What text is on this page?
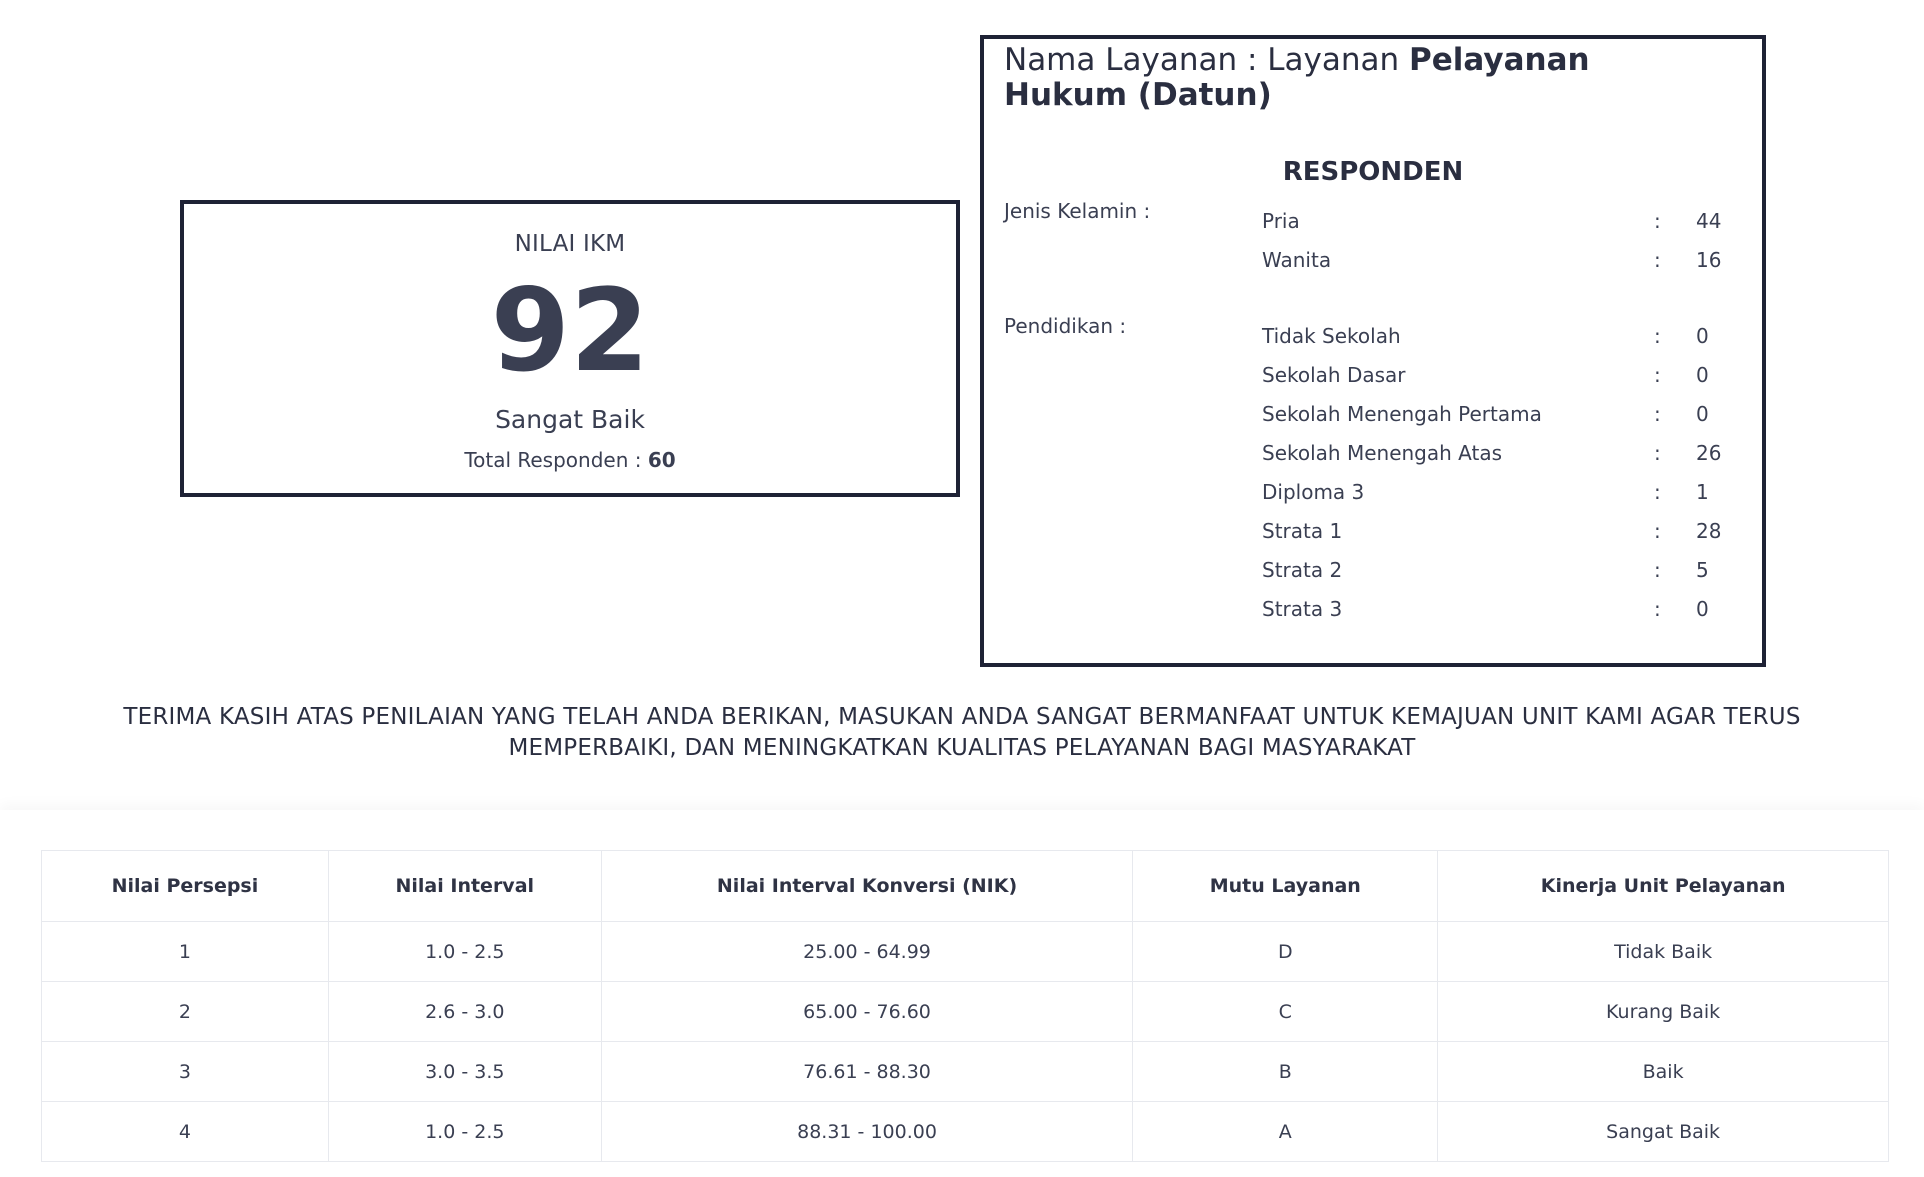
NILAI IKM
92
Sangat Baik
Total Responden : 60
Nama Layanan : Layanan Pelayanan Hukum (Datun)
RESPONDEN
Jenis Kelamin :	Pria	: 44
Wanita	: 16
Pendidikan :	Tidak Sekolah	: 0
Sekolah Dasar	: 0
Sekolah Menengah Pertama	: 0
Sekolah Menengah Atas	: 26
Diploma 3	: 1
Strata 1	: 28
Strata 2	: 5
Strata 3	: 0
TERIMA KASIH ATAS PENILAIAN YANG TELAH ANDA BERIKAN, MASUKAN ANDA SANGAT BERMANFAAT UNTUK KEMAJUAN UNIT KAMI AGAR TERUS MEMPERBAIKI, DAN MENINGKATKAN KUALITAS PELAYANAN BAGI MASYARAKAT
Nilai Persepsi	Nilai Interval	Nilai Interval Konversi (NIK)	Mutu Layanan	Kinerja Unit Pelayanan
1	1.0 - 2.5	25.00 - 64.99	D	Tidak Baik
2	2.6 - 3.0	65.00 - 76.60	C	Kurang Baik
3	3.0 - 3.5	76.61 - 88.30	B	Baik
4	1.0 - 2.5	88.31 - 100.00	A	Sangat Baik
